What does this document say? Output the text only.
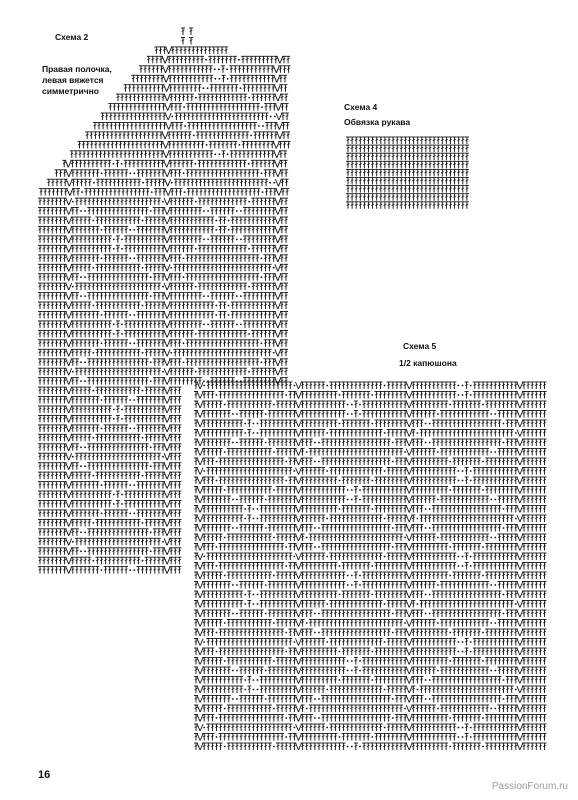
Схема 2
Правая полочка,
левая вяжется
симметрично
Схема 4
Обвязка рукава
Схема 5
1/2 капюшона
16
PassionForum.ru
